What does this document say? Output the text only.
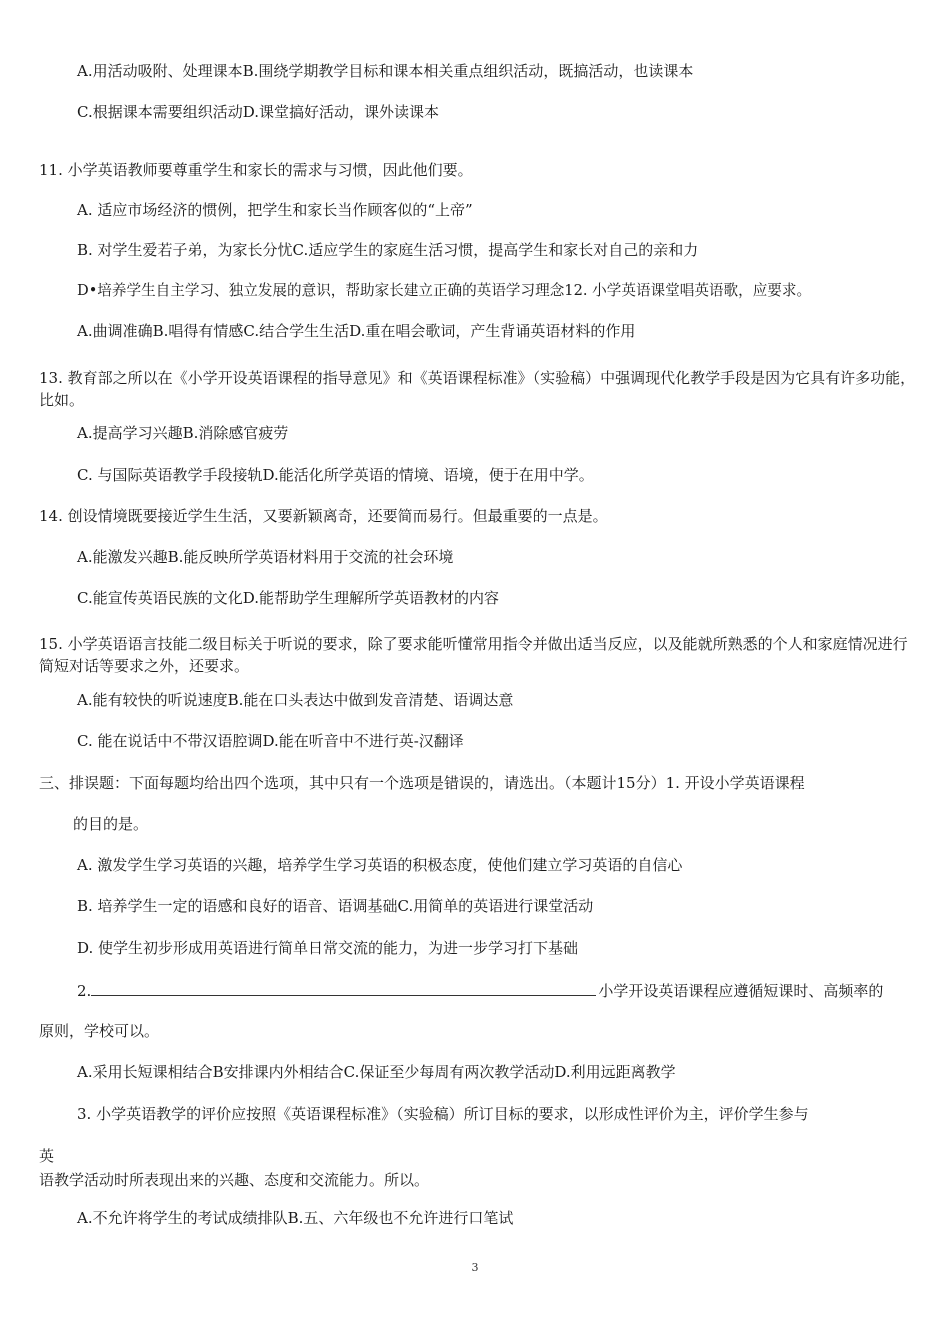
A.用活动吸附、处理课本B.围绕学期教学目标和课本相关重点组织活动，既搞活动，也读课本
C.根据课本需要组织活动D.课堂搞好活动，课外读课本
11. 小学英语教师要尊重学生和家长的需求与习惯，因此他们要。
A. 适应市场经济的惯例，把学生和家长当作顾客似的“上帝”
B. 对学生爱若子弟，为家长分忧C.适应学生的家庭生活习惯，提高学生和家长对自己的亲和力
D•培养学生自主学习、独立发展的意识，帮助家长建立正确的英语学习理念12. 小学英语课堂唱英语歌，应要求。
A.曲调准确B.唱得有情感C.结合学生生活D.重在唱会歌词，产生背诵英语材料的作用
13. 教育部之所以在《小学开设英语课程的指导意见》和《英语课程标准》（实验稿）中强调现代化教学手段是因为它具有许多功能，比如。
A.提高学习兴趣B.消除感官疲劳
C. 与国际英语教学手段接轨D.能活化所学英语的情境、语境，便于在用中学。
14. 创设情境既要接近学生生活，又要新颖离奇，还要简而易行。但最重要的一点是。
A.能激发兴趣B.能反映所学英语材料用于交流的社会环境
C.能宣传英语民族的文化D.能帮助学生理解所学英语教材的内容
15. 小学英语语言技能二级目标关于听说的要求，除了要求能听懂常用指令并做出适当反应，以及能就所熟悉的个人和家庭情况进行简短对话等要求之外，还要求。
A.能有较快的听说速度B.能在口头表达中做到发音清楚、语调达意
C. 能在说话中不带汉语腔调D.能在听音中不进行英-汉翻译
三、排误题：下面每题均给出四个选项，其中只有一个选项是错误的，请选出。（本题计15分）1. 开设小学英语课程
的目的是。
A. 激发学生学习英语的兴趣，培养学生学习英语的积极态度，使他们建立学习英语的自信心
B. 培养学生一定的语感和良好的语音、语调基础C.用简单的英语进行课堂活动
D. 使学生初步形成用英语进行简单日常交流的能力，为进一步学习打下基础
2.	小学开设英语课程应遵循短课时、高频率的
原则，学校可以。
A.采用长短课相结合B安排课内外相结合C.保证至少每周有两次教学活动D.利用远距离教学
3. 小学英语教学的评价应按照《英语课程标准》（实验稿）所订目标的要求，以形成性评价为主，评价学生参与
英
语教学活动时所表现出来的兴趣、态度和交流能力。所以。
A.不允许将学生的考试成绩排队B.五、六年级也不允许进行口笔试
3
